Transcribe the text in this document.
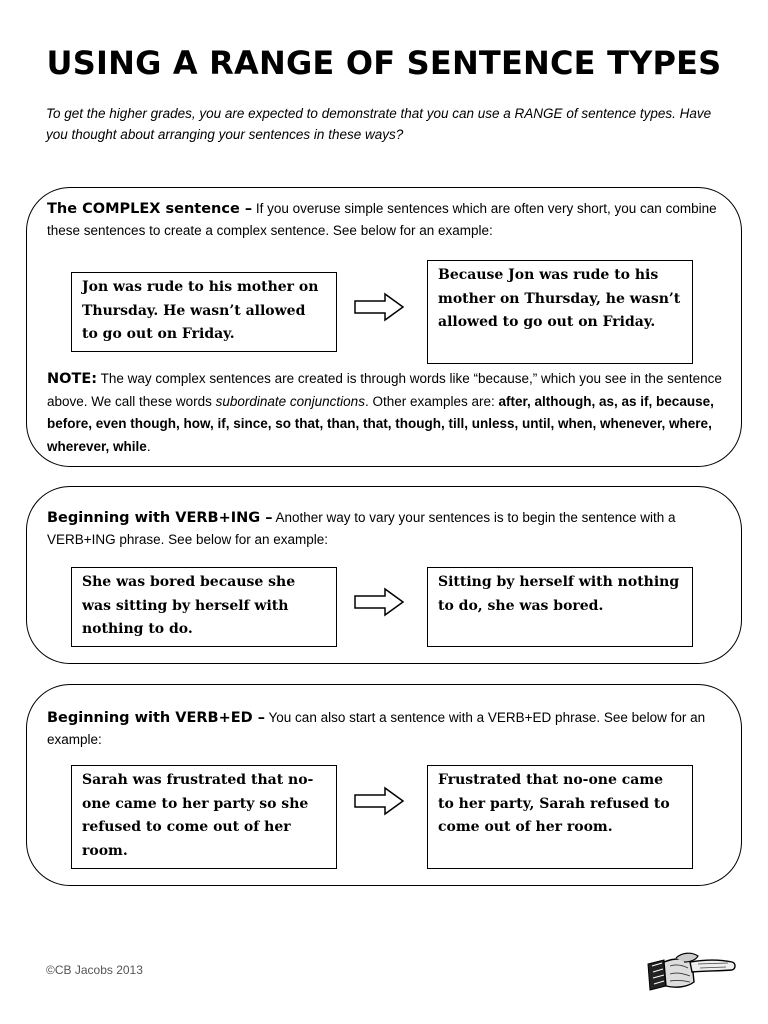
USING A RANGE OF SENTENCE TYPES
To get the higher grades, you are expected to demonstrate that you can use a RANGE of sentence types. Have you thought about arranging your sentences in these ways?
The COMPLEX sentence – If you overuse simple sentences which are often very short, you can combine these sentences to create a complex sentence. See below for an example:
Jon was rude to his mother on Thursday. He wasn’t allowed to go out on Friday.
Because Jon was rude to his mother on Thursday, he wasn’t allowed to go out on Friday.
NOTE: The way complex sentences are created is through words like “because,” which you see in the sentence above. We call these words subordinate conjunctions. Other examples are: after, although, as, as if, because, before, even though, how, if, since, so that, than, that, though, till, unless, until, when, whenever, where, wherever, while.
Beginning with VERB+ING – Another way to vary your sentences is to begin the sentence with a VERB+ING phrase. See below for an example:
She was bored because she was sitting by herself with nothing to do.
Sitting by herself with nothing to do, she was bored.
Beginning with VERB+ED – You can also start a sentence with a VERB+ED phrase. See below for an example:
Sarah was frustrated that no-one came to her party so she refused to come out of her room.
Frustrated that no-one came to her party, Sarah refused to come out of her room.
©CB Jacobs 2013
